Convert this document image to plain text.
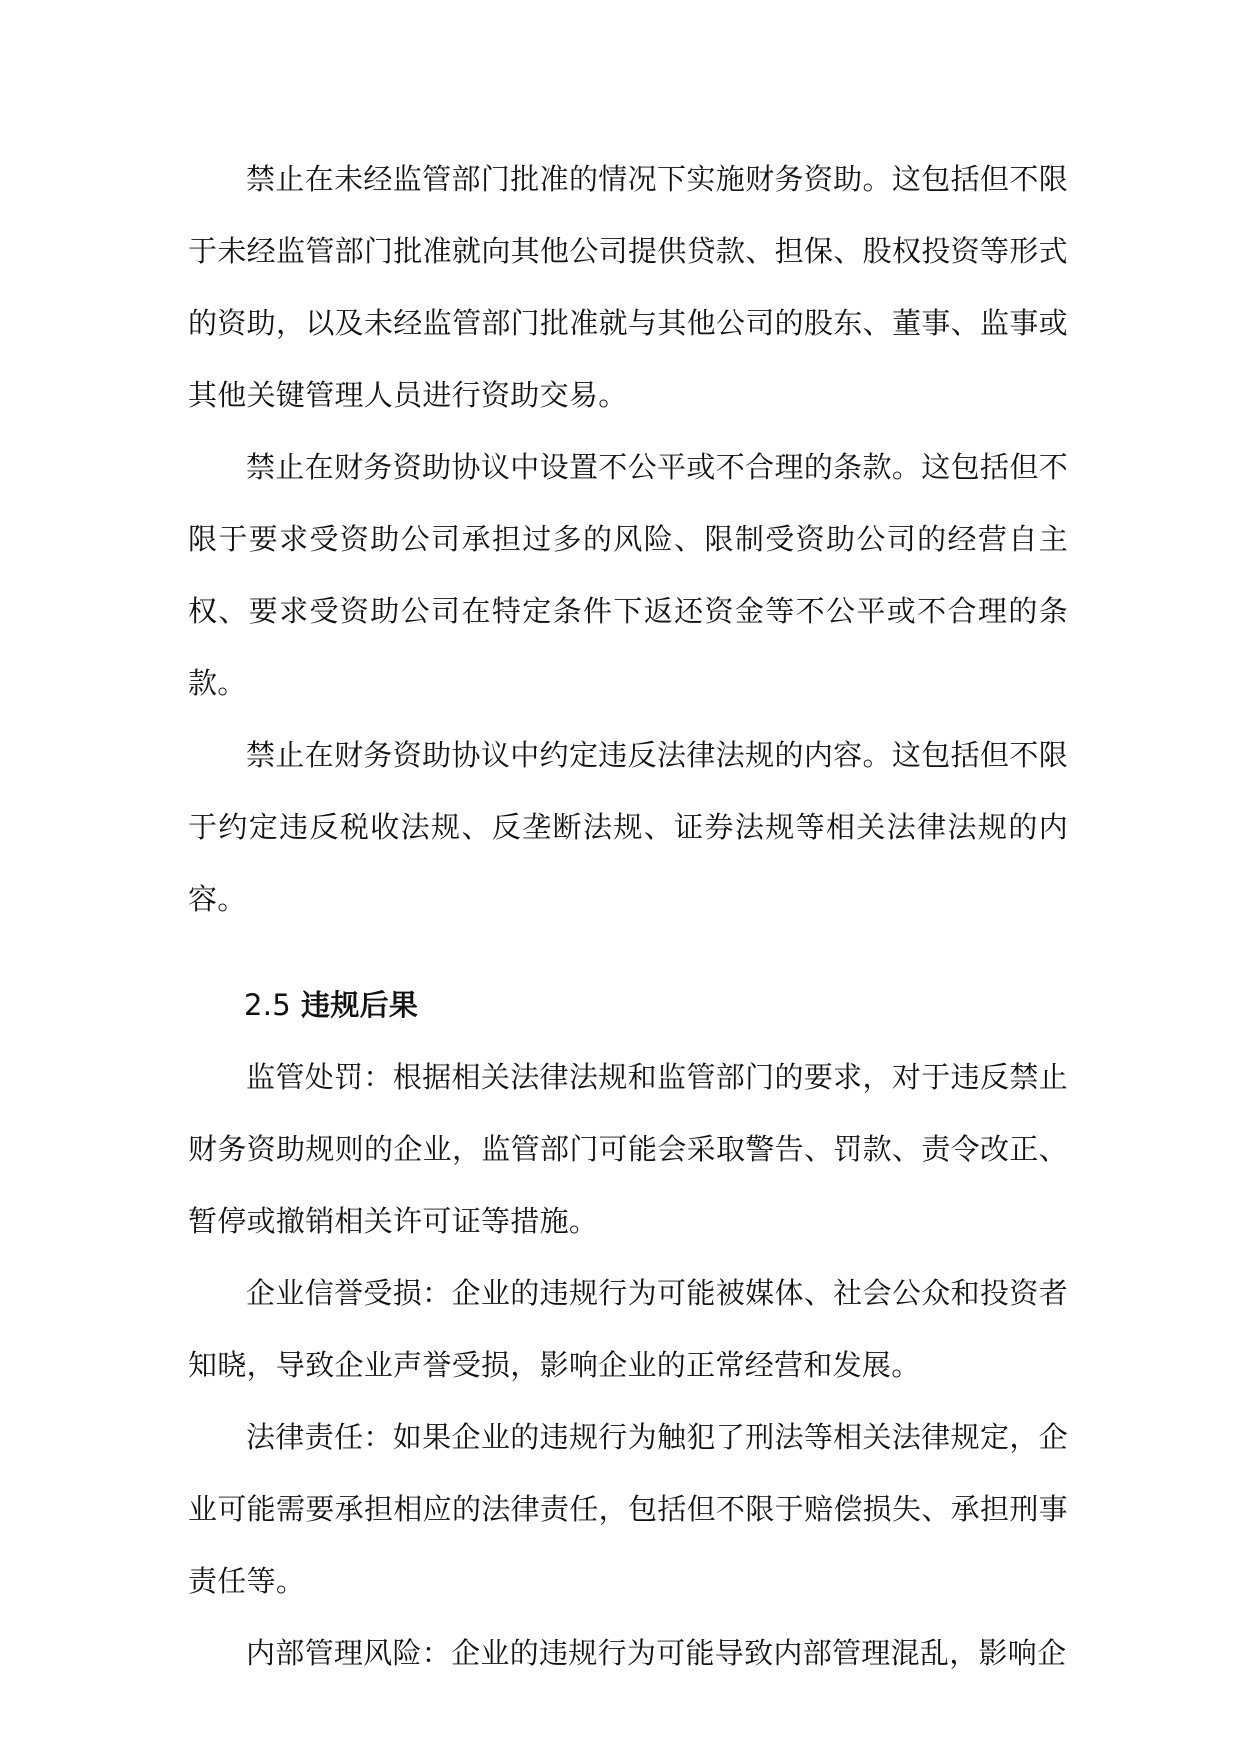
禁止在未经监管部门批准的情况下实施财务资助。这包括但不限于未经监管部门批准就向其他公司提供贷款、担保、股权投资等形式的资助，以及未经监管部门批准就与其他公司的股东、董事、监事或其他关键管理人员进行资助交易。

禁止在财务资助协议中设置不公平或不合理的条款。这包括但不限于要求受资助公司承担过多的风险、限制受资助公司的经营自主权、要求受资助公司在特定条件下返还资金等不公平或不合理的条款。

禁止在财务资助协议中约定违反法律法规的内容。这包括但不限于约定违反税收法规、反垄断法规、证券法规等相关法律法规的内容。

2.5 违规后果

监管处罚：根据相关法律法规和监管部门的要求，对于违反禁止财务资助规则的企业，监管部门可能会采取警告、罚款、责令改正、暂停或撤销相关许可证等措施。

企业信誉受损：企业的违规行为可能被媒体、社会公众和投资者知晓，导致企业声誉受损，影响企业的正常经营和发展。

法律责任：如果企业的违规行为触犯了刑法等相关法律规定，企业可能需要承担相应的法律责任，包括但不限于赔偿损失、承担刑事责任等。

内部管理风险：企业的违规行为可能导致内部管理混乱，影响企
